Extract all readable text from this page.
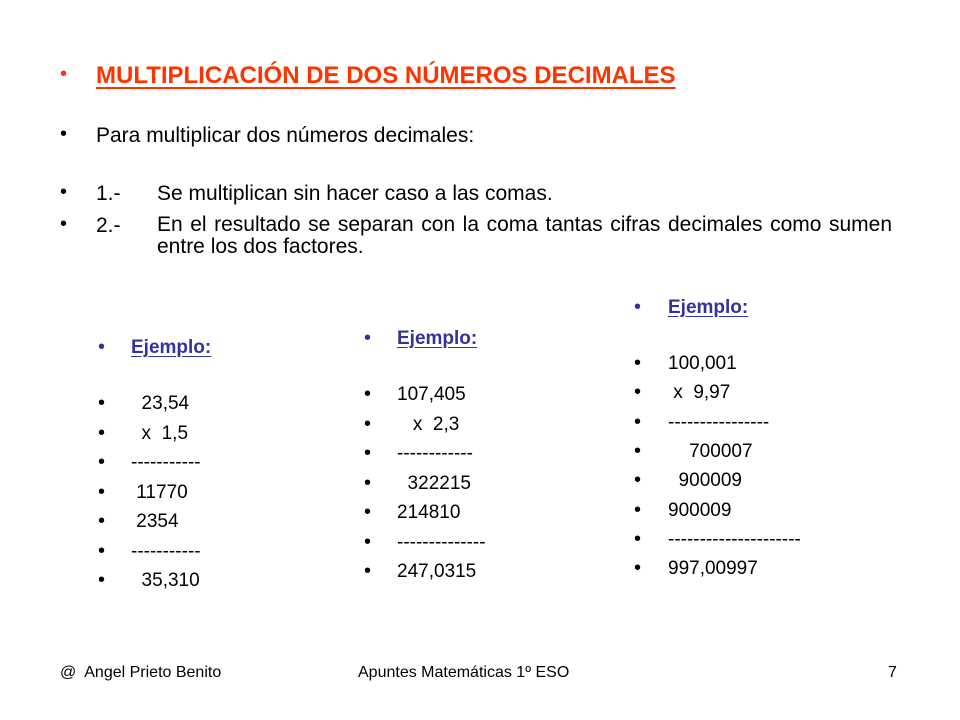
• MULTIPLICACIÓN DE DOS NÚMEROS DECIMALES
• Para multiplicar dos números decimales:
• 1.- Se multiplican sin hacer caso a las comas.
• 2.- En el resultado se separan con la coma tantas cifras decimales como sumen entre los dos factores.
• Ejemplo:
• 23,54
• x  1,5
• -----------
• 11770
• 2354
• -----------
• 35,310
• Ejemplo:
• 107,405
• x  2,3
• ------------
• 322215
• 214810
• --------------
• 247,0315
• Ejemplo:
• 100,001
• x  9,97
• ----------------
• 700007
• 900009
• 900009
• ---------------------
• 997,00997
@  Angel Prieto Benito	Apuntes Matemáticas 1º ESO	7
